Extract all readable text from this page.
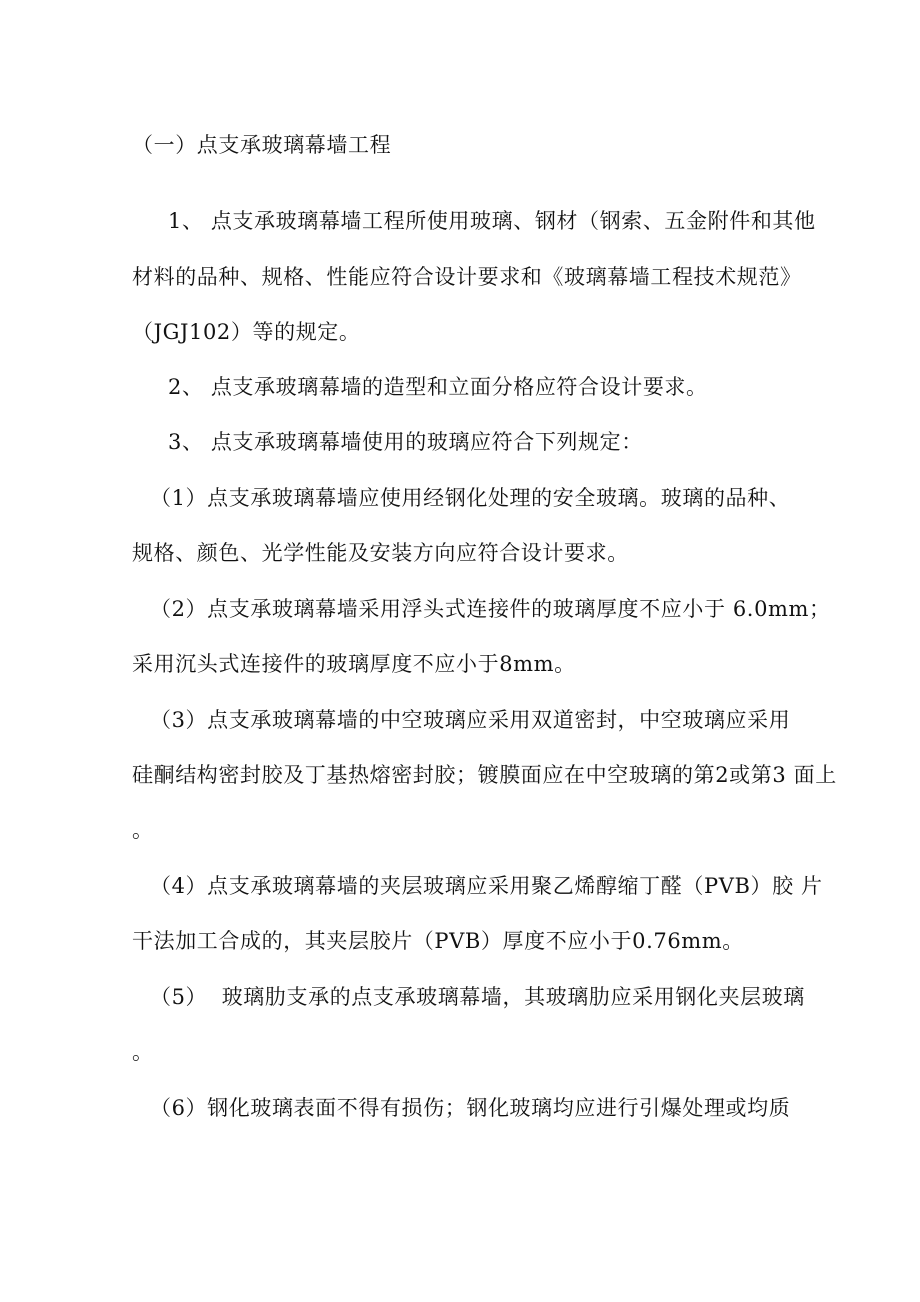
（一）点支承玻璃幕墙工程
1、 点支承玻璃幕墙工程所使用玻璃、钢材（钢索、五金附件和其他
材料的品种、规格、性能应符合设计要求和《玻璃幕墙工程技术规范》
（JGJ102）等的规定。
2、 点支承玻璃幕墙的造型和立面分格应符合设计要求。
3、 点支承玻璃幕墙使用的玻璃应符合下列规定：
（1）点支承玻璃幕墙应使用经钢化处理的安全玻璃。玻璃的品种、
规格、颜色、光学性能及安装方向应符合设计要求。
（2）点支承玻璃幕墙采用浮头式连接件的玻璃厚度不应小于 6.0mm；
采用沉头式连接件的玻璃厚度不应小于8mm。
（3）点支承玻璃幕墙的中空玻璃应采用双道密封，中空玻璃应采用
硅酮结构密封胶及丁基热熔密封胶；镀膜面应在中空玻璃的第2或第3 面上
。
（4）点支承玻璃幕墙的夹层玻璃应采用聚乙烯醇缩丁醛（PVB）胶 片
干法加工合成的，其夹层胶片（PVB）厚度不应小于0.76mm。
（5）  玻璃肋支承的点支承玻璃幕墙，其玻璃肋应采用钢化夹层玻璃
。
（6）钢化玻璃表面不得有损伤；钢化玻璃均应进行引爆处理或均质
